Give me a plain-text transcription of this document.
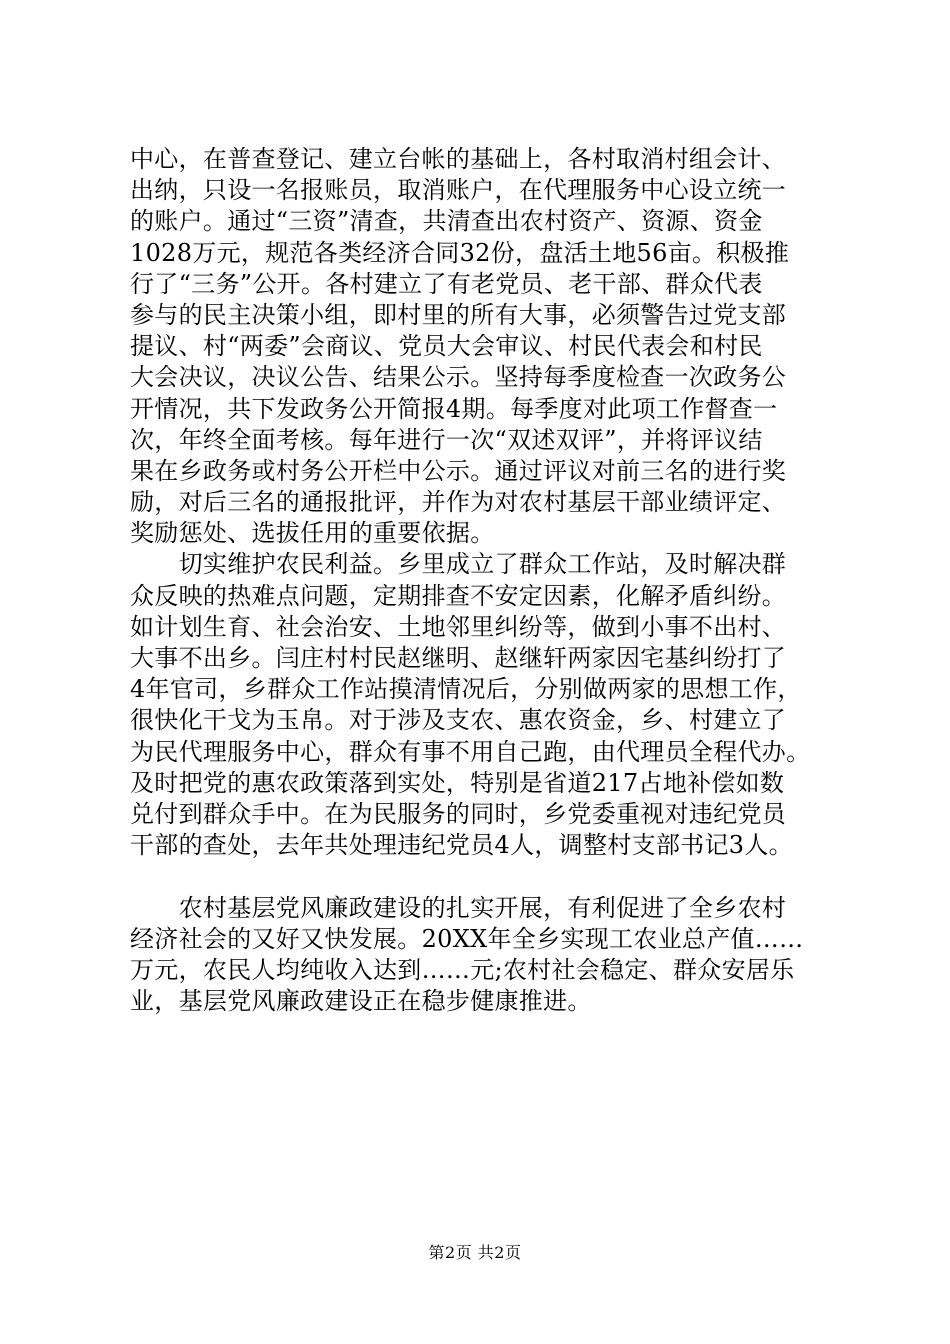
中心，在普查登记、建立台帐的基础上，各村取消村组会计、
出纳，只设一名报账员，取消账户，在代理服务中心设立统一
的账户。通过“三资”清查，共清查出农村资产、资源、资金
1028万元，规范各类经济合同32份，盘活土地56亩。积极推
行了“三务”公开。各村建立了有老党员、老干部、群众代表
参与的民主决策小组，即村里的所有大事，必须警告过党支部
提议、村“两委”会商议、党员大会审议、村民代表会和村民
大会决议，决议公告、结果公示。坚持每季度检查一次政务公
开情况，共下发政务公开简报4期。每季度对此项工作督查一
次，年终全面考核。每年进行一次“双述双评”，并将评议结
果在乡政务或村务公开栏中公示。通过评议对前三名的进行奖
励，对后三名的通报批评，并作为对农村基层干部业绩评定、
奖励惩处、选拔任用的重要依据。
　　切实维护农民利益。乡里成立了群众工作站，及时解决群
众反映的热难点问题，定期排查不安定因素，化解矛盾纠纷。
如计划生育、社会治安、土地邻里纠纷等，做到小事不出村、
大事不出乡。闫庄村村民赵继明、赵继轩两家因宅基纠纷打了
4年官司，乡群众工作站摸清情况后，分别做两家的思想工作，
很快化干戈为玉帛。对于涉及支农、惠农资金，乡、村建立了
为民代理服务中心，群众有事不用自己跑，由代理员全程代办。
及时把党的惠农政策落到实处，特别是省道217占地补偿如数
兑付到群众手中。在为民服务的同时，乡党委重视对违纪党员
干部的查处，去年共处理违纪党员4人，调整村支部书记3人。
　　农村基层党风廉政建设的扎实开展，有利促进了全乡农村
经济社会的又好又快发展。20XX年全乡实现工农业总产值……
万元，农民人均纯收入达到……元;农村社会稳定、群众安居乐
业，基层党风廉政建设正在稳步健康推进。
第2页 共2页
